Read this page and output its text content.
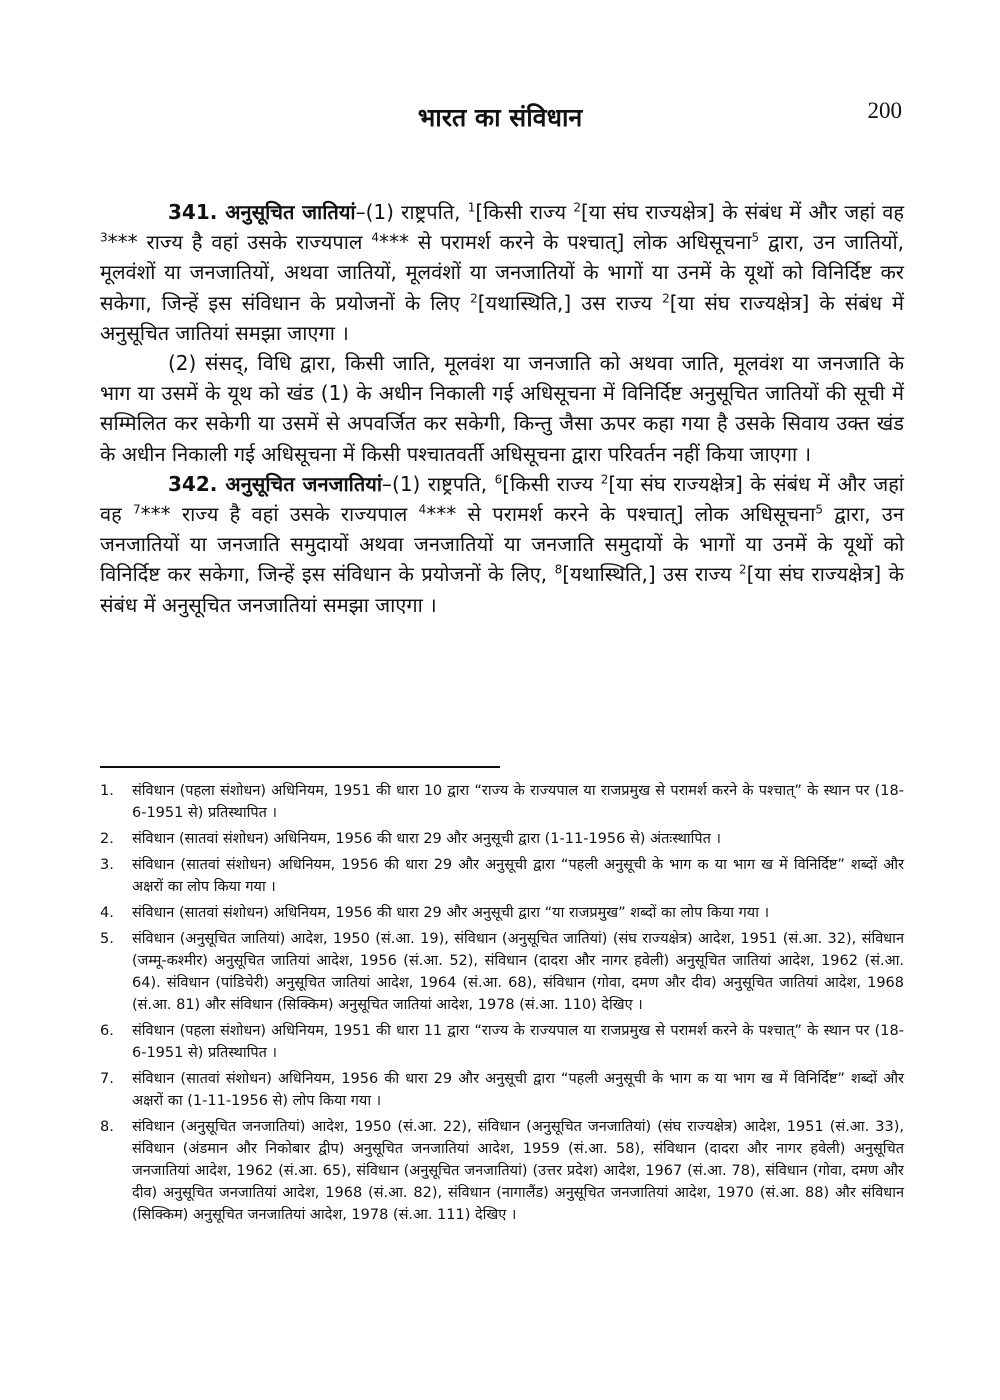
भारत का संविधान	200

341. अनुसूचित जातियां–(1) राष्ट्रपति, $^1$[किसी राज्य $^2$[या संघ राज्यक्षेत्र] के संबंध में और जहां वह $^3$*** राज्य है वहां उसके राज्यपाल $^4$*** से परामर्श करने के पश्चात्] लोक अधिसूचना$^5$ द्वारा, उन जातियों, मूलवंशों या जनजातियों, अथवा जातियों, मूलवंशों या जनजातियों के भागों या उनमें के यूथों को विनिर्दिष्ट कर सकेगा, जिन्हें इस संविधान के प्रयोजनों के लिए $^2$[यथास्थिति,] उस राज्य $^2$[या संघ राज्यक्षेत्र] के संबंध में अनुसूचित जातियां समझा जाएगा ।

(2) संसद्, विधि द्वारा, किसी जाति, मूलवंश या जनजाति को अथवा जाति, मूलवंश या जनजाति के भाग या उसमें के यूथ को खंड (1) के अधीन निकाली गई अधिसूचना में विनिर्दिष्ट अनुसूचित जातियों की सूची में सम्मिलित कर सकेगी या उसमें से अपवर्जित कर सकेगी, किन्तु जैसा ऊपर कहा गया है उसके सिवाय उक्त खंड के अधीन निकाली गई अधिसूचना में किसी पश्चातवर्ती अधिसूचना द्वारा परिवर्तन नहीं किया जाएगा ।

342. अनुसूचित जनजातियां–(1) राष्ट्रपति, $^6$[किसी राज्य $^2$[या संघ राज्यक्षेत्र] के संबंध में और जहां वह $^7$*** राज्य है वहां उसके राज्यपाल $^4$*** से परामर्श करने के पश्चात्] लोक अधिसूचना$^5$ द्वारा, उन जनजातियों या जनजाति समुदायों अथवा जनजातियों या जनजाति समुदायों के भागों या उनमें के यूथों को विनिर्दिष्ट कर सकेगा, जिन्हें इस संविधान के प्रयोजनों के लिए, $^8$[यथास्थिति,] उस राज्य $^2$[या संघ राज्यक्षेत्र] के संबंध में अनुसूचित जनजातियां समझा जाएगा ।

1.	संविधान (पहला संशोधन) अधिनियम, 1951 की धारा 10 द्वारा “राज्य के राज्यपाल या राजप्रमुख से परामर्श करने के पश्चात्” के स्थान पर (18-6-1951 से) प्रतिस्थापित ।
2.	संविधान (सातवां संशोधन) अधिनियम, 1956 की धारा 29 और अनुसूची द्वारा (1-11-1956 से) अंतःस्थापित ।
3.	संविधान (सातवां संशोधन) अधिनियम, 1956 की धारा 29 और अनुसूची द्वारा “पहली अनुसूची के भाग क या भाग ख में विनिर्दिष्ट” शब्दों और अक्षरों का लोप किया गया ।
4.	संविधान (सातवां संशोधन) अधिनियम, 1956 की धारा 29 और अनुसूची द्वारा “या राजप्रमुख” शब्दों का लोप किया गया ।
5.	संविधान (अनुसूचित जातियां) आदेश, 1950 (सं.आ. 19), संविधान (अनुसूचित जातियां) (संघ राज्यक्षेत्र) आदेश, 1951 (सं.आ. 32), संविधान (जम्मू-कश्मीर) अनुसूचित जातियां आदेश, 1956 (सं.आ. 52), संविधान (दादरा और नागर हवेली) अनुसूचित जातियां आदेश, 1962 (सं.आ. 64). संविधान (पांडिचेरी) अनुसूचित जातियां आदेश, 1964 (सं.आ. 68), संविधान (गोवा, दमण और दीव) अनुसूचित जातियां आदेश, 1968 (सं.आ. 81) और संविधान (सिक्किम) अनुसूचित जातियां आदेश, 1978 (सं.आ. 110) देखिए ।
6.	संविधान (पहला संशोधन) अधिनियम, 1951 की धारा 11 द्वारा “राज्य के राज्यपाल या राजप्रमुख से परामर्श करने के पश्चात्” के स्थान पर (18-6-1951 से) प्रतिस्थापित ।
7.	संविधान (सातवां संशोधन) अधिनियम, 1956 की धारा 29 और अनुसूची द्वारा “पहली अनुसूची के भाग क या भाग ख में विनिर्दिष्ट” शब्दों और अक्षरों का (1-11-1956 से) लोप किया गया ।
8.	संविधान (अनुसूचित जनजातियां) आदेश, 1950 (सं.आ. 22), संविधान (अनुसूचित जनजातियां) (संघ राज्यक्षेत्र) आदेश, 1951 (सं.आ. 33), संविधान (अंडमान और निकोबार द्वीप) अनुसूचित जनजातियां आदेश, 1959 (सं.आ. 58), संविधान (दादरा और नागर हवेली) अनुसूचित जनजातियां आदेश, 1962 (सं.आ. 65), संविधान (अनुसूचित जनजातियां) (उत्तर प्रदेश) आदेश, 1967 (सं.आ. 78), संविधान (गोवा, दमण और दीव) अनुसूचित जनजातियां आदेश, 1968 (सं.आ. 82), संविधान (नागालैंड) अनुसूचित जनजातियां आदेश, 1970 (सं.आ. 88) और संविधान (सिक्किम) अनुसूचित जनजातियां आदेश, 1978 (सं.आ. 111) देखिए ।
